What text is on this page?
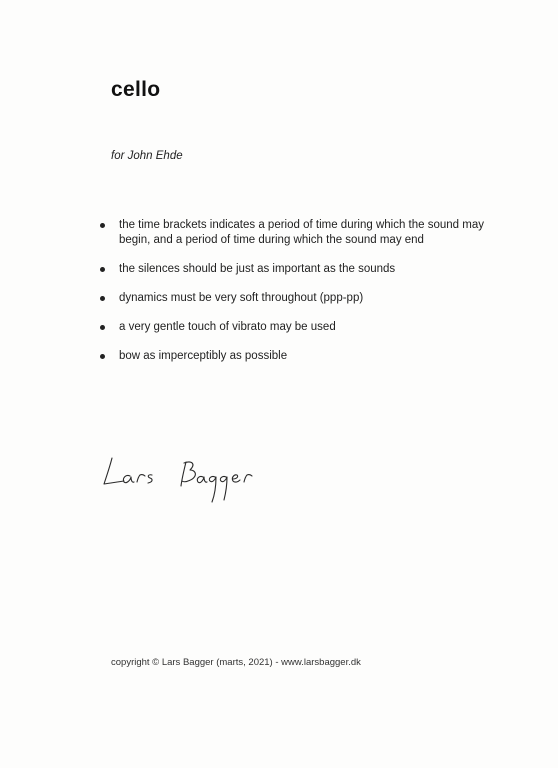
cello
for John Ehde
the time brackets indicates a period of time during which the sound may begin, and a period of time during which the sound may end
the silences should be just as important as the sounds
dynamics must be very soft throughout (ppp-pp)
a very gentle touch of vibrato may be used
bow as imperceptibly as possible
copyright © Lars Bagger (marts, 2021) - www.larsbagger.dk
